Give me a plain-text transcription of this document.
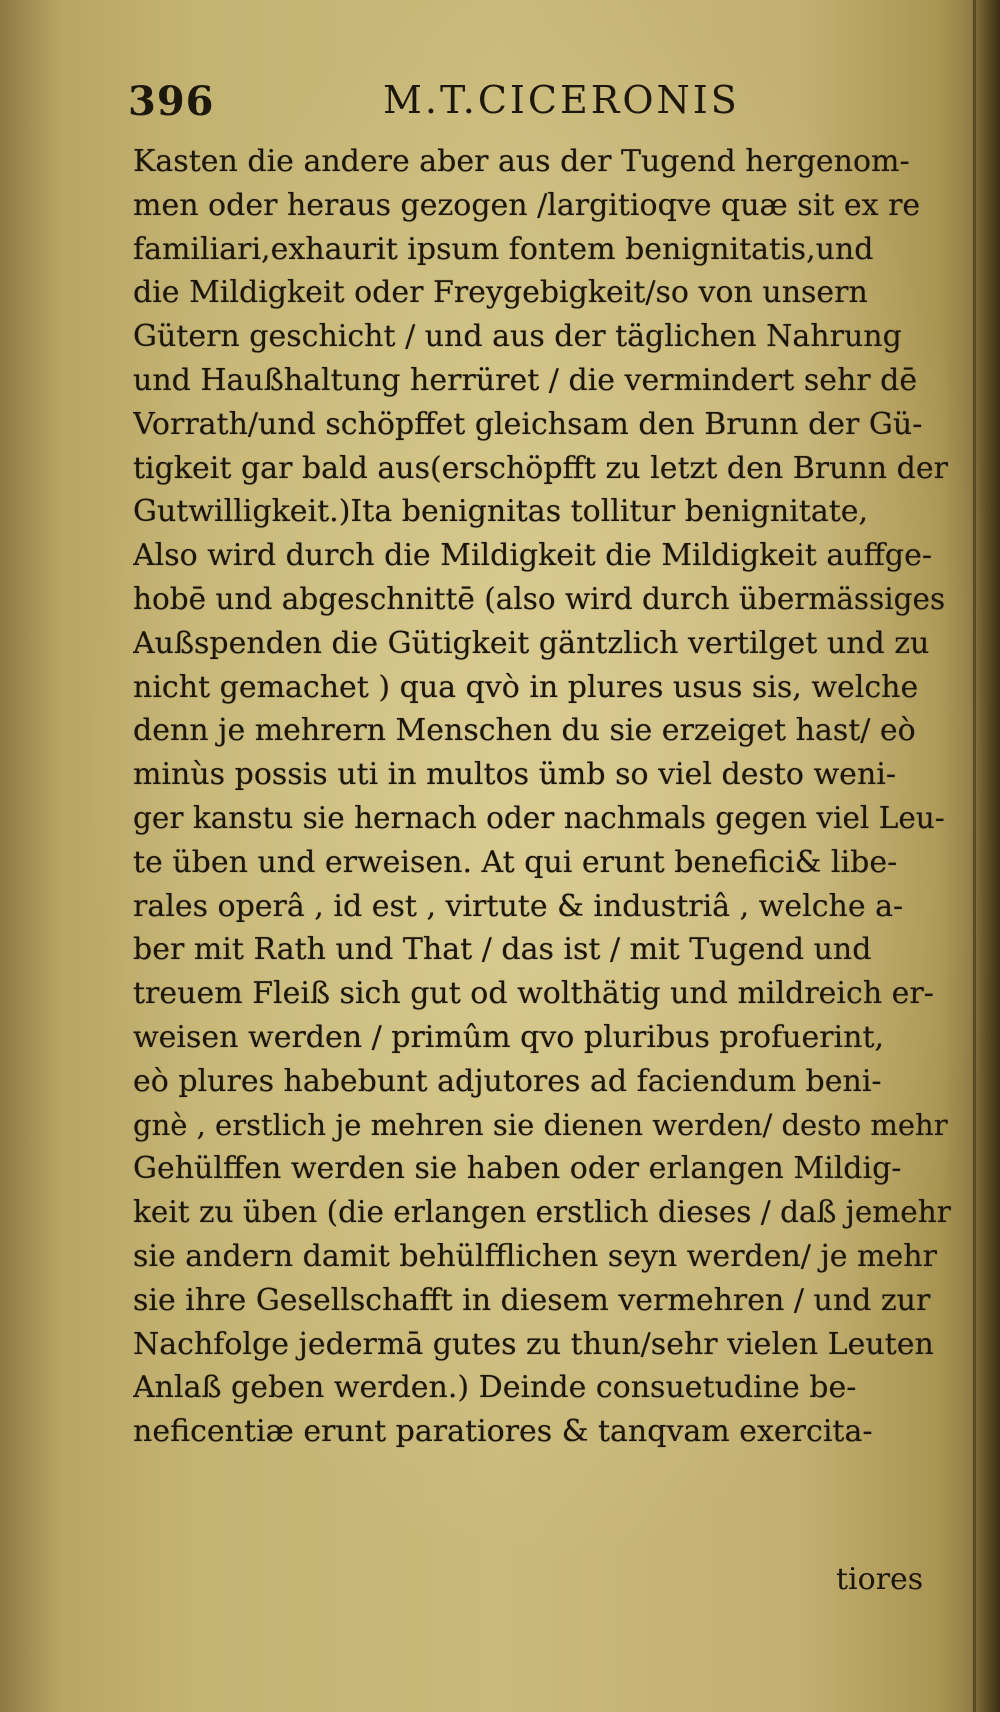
396	M.T.CICERONIS
Kasten die andere aber aus der Tugend hergenom-
men oder heraus gezogen /largitioqve quæ sit ex re
familiari,exhaurit ipsum fontem benignitatis,und
die Mildigkeit oder Freygebigkeit/so von unsern
Gütern geschicht / und aus der täglichen Nahrung
und Haußhaltung herrüret / die vermindert sehr dē
Vorrath/und schöpffet gleichsam den Brunn der Gü-
tigkeit gar bald aus(erschöpfft zu letzt den Brunn der
Gutwilligkeit.)Ita benignitas tollitur benignitate,
Also wird durch die Mildigkeit die Mildigkeit auffge-
hobē und abgeschnittē (also wird durch übermässiges
Außspenden die Gütigkeit gäntzlich vertilget und zu
nicht gemachet ) qua qvò in plures usus sis, welche
denn je mehrern Menschen du sie erzeiget hast/ eò
minùs possis uti in multos ümb so viel desto weni-
ger kanstu sie hernach oder nachmals gegen viel Leu-
te üben und erweisen. At qui erunt benefici& libe-
rales operâ , id est , virtute & industriâ , welche a-
ber mit Rath und That / das ist / mit Tugend und
treuem Fleiß sich gut od wolthätig und mildreich er-
weisen werden / primûm qvo pluribus profuerint,
eò plures habebunt adjutores ad faciendum beni-
gnè , erstlich je mehren sie dienen werden/ desto mehr
Gehülffen werden sie haben oder erlangen Mildig-
keit zu üben (die erlangen erstlich dieses / daß jemehr
sie andern damit behülfflichen seyn werden/ je mehr
sie ihre Gesellschafft in diesem vermehren / und zur
Nachfolge jedermā gutes zu thun/sehr vielen Leuten
Anlaß geben werden.) Deinde consuetudine be-
neficentiæ erunt paratiores & tanqvam exercita-
tiores
